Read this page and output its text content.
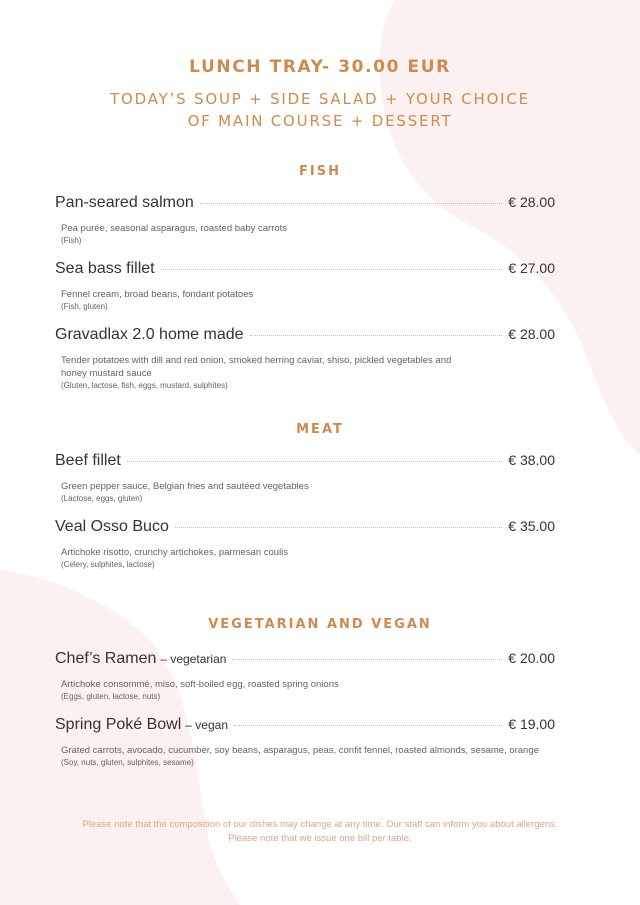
LUNCH TRAY- 30.00 EUR
TODAY’S SOUP + SIDE SALAD + YOUR CHOICE
OF MAIN COURSE + DESSERT
FISH
Pan-seared salmon	€ 28.00
Pea purée, seasonal asparagus, roasted baby carrots
(Fish)
Sea bass fillet	€ 27.00
Fennel cream, broad beans, fondant potatoes
(Fish, gluten)
Gravadlax 2.0 home made	€ 28.00
Tender potatoes with dill and red onion, smoked herring caviar, shiso, pickled vegetables and honey mustard sauce
(Gluten, lactose, fish, eggs, mustard, sulphites)
MEAT
Beef fillet	€ 38.00
Green pepper sauce, Belgian fries and sautéed vegetables
(Lactose, eggs, gluten)
Veal Osso Buco	€ 35.00
Artichoke risotto, crunchy artichokes, parmesan coulis
(Celery, sulphites, lactose)
VEGETARIAN AND VEGAN
Chef’s Ramen – vegetarian	€ 20.00
Artichoke consommé, miso, soft-boiled egg, roasted spring onions
(Eggs, gluten, lactose, nuts)
Spring Poké Bowl – vegan	€ 19.00
Grated carrots, avocado, cucumber, soy beans, asparagus, peas, confit fennel, roasted almonds, sesame, orange
(Soy, nuts, gluten, sulphites, sesame)
Please note that the composition of our dishes may change at any time. Our staff can inform you about allergens.
Please note that we issue one bill per table.
